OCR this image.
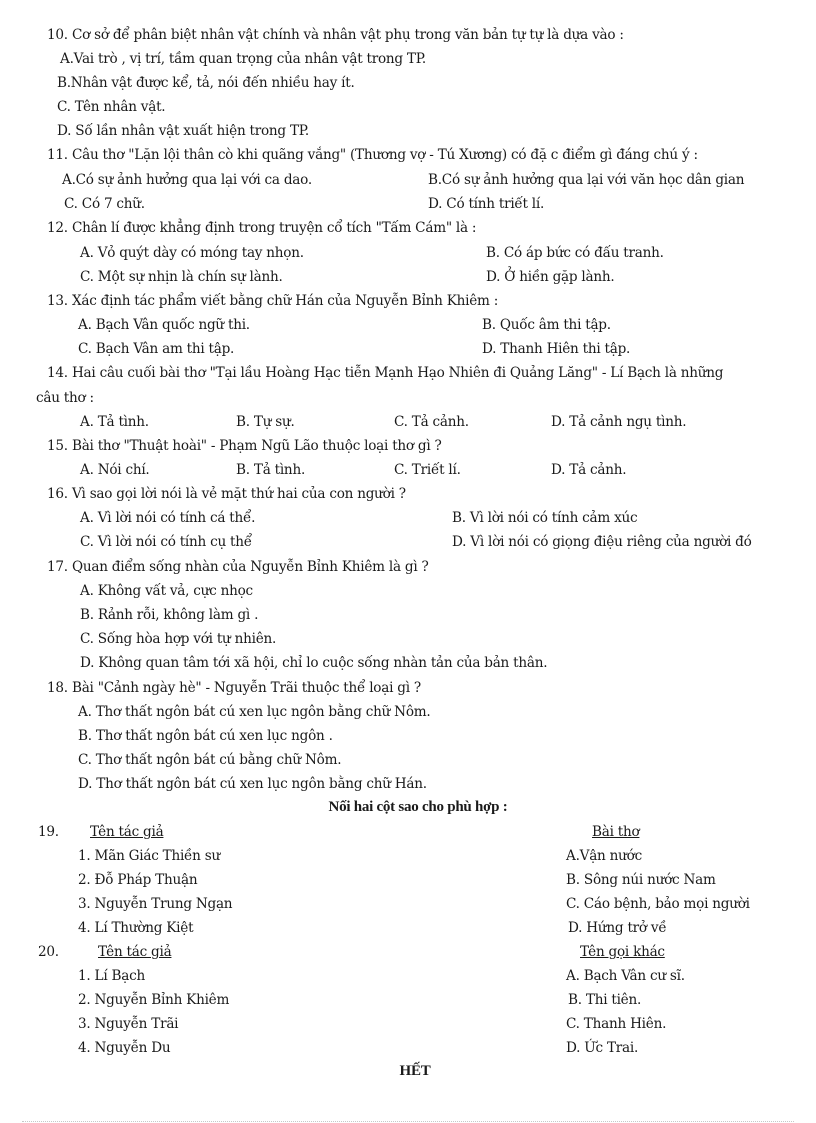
10. Cơ sở để phân biệt nhân vật chính và nhân vật phụ trong văn bản tự tự là dựa vào :
A.Vai trò , vị trí, tầm quan trọng của nhân vật trong TP.
B.Nhân vật được kể, tả, nói đến nhiều hay ít.
C. Tên nhân vật.
D. Số lần nhân vật xuất hiện trong TP.
11. Câu thơ "Lặn lội thân cò khi quãng vắng" (Thương vợ - Tú Xương) có đặ c điểm gì đáng chú ý :
A.Có sự ảnh hưởng qua lại với ca dao.	B.Có sự ảnh hưởng qua lại với văn học dân gian
C. Có 7 chữ.	D. Có tính triết lí.
12. Chân lí được khẳng định trong truyện cổ tích "Tấm Cám" là :
A. Vỏ quýt dày có móng tay nhọn.	B. Có áp bức có đấu tranh.
C. Một sự nhịn là chín sự lành.	D. Ở hiền gặp lành.
13. Xác định tác phẩm viết bằng chữ Hán của Nguyễn Bỉnh Khiêm :
A. Bạch Vân quốc ngữ thi.	B. Quốc âm thi tập.
C. Bạch Vân am thi tập.	D. Thanh Hiên thi tập.
14. Hai câu cuối bài thơ "Tại lầu Hoàng Hạc tiễn Mạnh Hạo Nhiên đi Quảng Lăng" - Lí Bạch là những
câu thơ :
A. Tả tình.	B. Tự sự.	C. Tả cảnh.	D. Tả cảnh ngụ tình.
15. Bài thơ "Thuật hoài" - Phạm Ngũ Lão thuộc loại thơ gì ?
A. Nói chí.	B. Tả tình.	C. Triết lí.	D. Tả cảnh.
16. Vì sao gọi lời nói là vẻ mặt thứ hai của con người ?
A. Vì lời nói có tính cá thể.	B. Vì lời nói có tính cảm xúc
C. Vì lời nói có tính cụ thể	D. Vì lời nói có giọng điệu riêng của người đó
17. Quan điểm sống nhàn của Nguyễn Bỉnh Khiêm là gì ?
A. Không vất vả, cực nhọc
B. Rảnh rỗi, không làm gì .
C. Sống hòa hợp với tự nhiên.
D. Không quan tâm tới xã hội, chỉ lo cuộc sống nhàn tản của bản thân.
18. Bài "Cảnh ngày hè" - Nguyễn Trãi thuộc thể loại gì ?
A. Thơ thất ngôn bát cú xen lục ngôn bằng chữ Nôm.
B. Thơ thất ngôn bát cú xen lục ngôn .
C. Thơ thất ngôn bát cú bằng chữ Nôm.
D. Thơ thất ngôn bát cú xen lục ngôn bằng chữ Hán.
Nối hai cột sao cho phù hợp :
19. Tên tác giả	Bài thơ
1. Mãn Giác Thiền sư	A.Vận nước
2. Đỗ Pháp Thuận	B. Sông núi nước Nam
3. Nguyễn Trung Ngạn	C. Cáo bệnh, bảo mọi người
4. Lí Thường Kiệt	D. Hứng trở về
20.	Tên tác giả	Tên gọi khác
1. Lí Bạch	A. Bạch Vân cư sĩ.
2. Nguyễn Bỉnh Khiêm	B. Thi tiên.
3. Nguyễn Trãi	C. Thanh Hiên.
4. Nguyễn Du	D. Ức Trai.
HẾT
